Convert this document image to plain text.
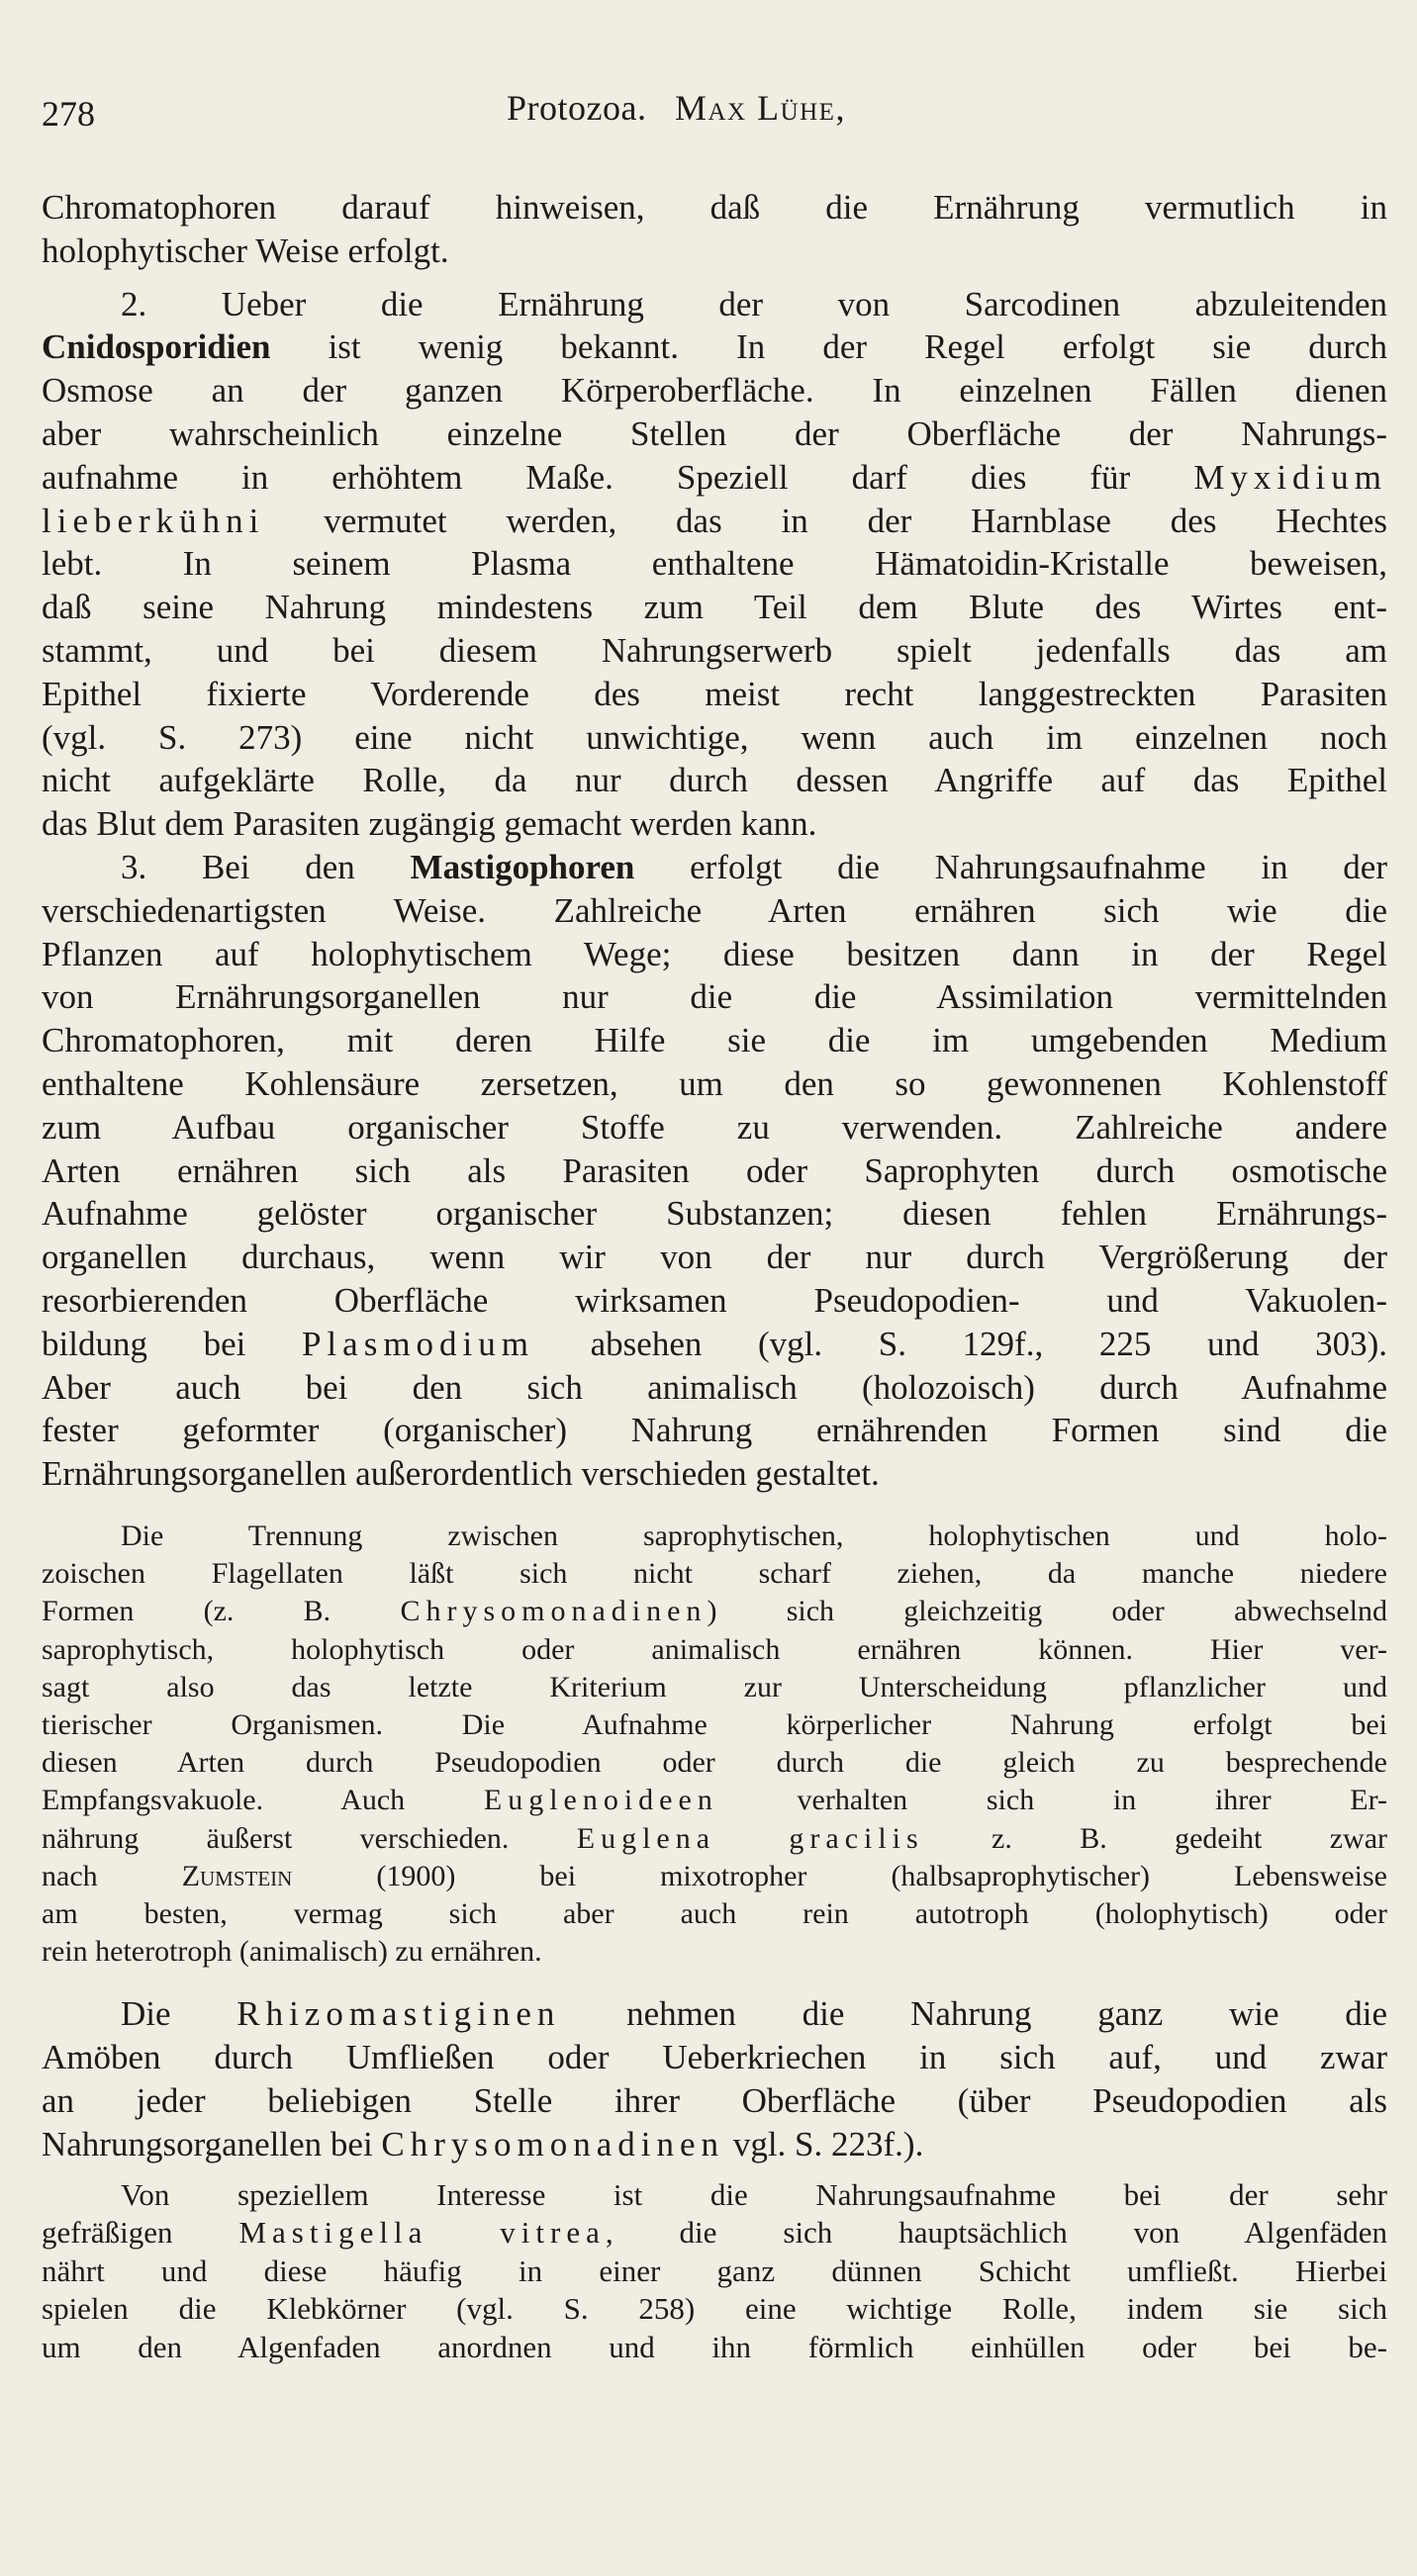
278	Protozoa. Max Lühe,

Chromatophoren darauf hinweisen, daß die Ernährung vermutlich in
holophytischer Weise erfolgt.

2. Ueber die Ernährung der von Sarcodinen abzuleitenden
Cnidosporidien ist wenig bekannt. In der Regel erfolgt sie durch
Osmose an der ganzen Körperoberfläche. In einzelnen Fällen dienen
aber wahrscheinlich einzelne Stellen der Oberfläche der Nahrungs-
aufnahme in erhöhtem Maße. Speziell darf dies für Myxidium
lieberkühni vermutet werden, das in der Harnblase des Hechtes
lebt. In seinem Plasma enthaltene Hämatoidin-Kristalle beweisen,
daß seine Nahrung mindestens zum Teil dem Blute des Wirtes ent-
stammt, und bei diesem Nahrungserwerb spielt jedenfalls das am
Epithel fixierte Vorderende des meist recht langgestreckten Parasiten
(vgl. S. 273) eine nicht unwichtige, wenn auch im einzelnen noch
nicht aufgeklärte Rolle, da nur durch dessen Angriffe auf das Epithel
das Blut dem Parasiten zugängig gemacht werden kann.

3. Bei den Mastigophoren erfolgt die Nahrungsaufnahme in der
verschiedenartigsten Weise. Zahlreiche Arten ernähren sich wie die
Pflanzen auf holophytischem Wege; diese besitzen dann in der Regel
von Ernährungsorganellen nur die die Assimilation vermittelnden
Chromatophoren, mit deren Hilfe sie die im umgebenden Medium
enthaltene Kohlensäure zersetzen, um den so gewonnenen Kohlenstoff
zum Aufbau organischer Stoffe zu verwenden. Zahlreiche andere
Arten ernähren sich als Parasiten oder Saprophyten durch osmotische
Aufnahme gelöster organischer Substanzen; diesen fehlen Ernährungs-
organellen durchaus, wenn wir von der nur durch Vergrößerung der
resorbierenden Oberfläche wirksamen Pseudopodien- und Vakuolen-
bildung bei Plasmodium absehen (vgl. S. 129f., 225 und 303).
Aber auch bei den sich animalisch (holozoisch) durch Aufnahme
fester geformter (organischer) Nahrung ernährenden Formen sind die
Ernährungsorganellen außerordentlich verschieden gestaltet.

Die Trennung zwischen saprophytischen, holophytischen und holo-
zoischen Flagellaten läßt sich nicht scharf ziehen, da manche niedere
Formen (z. B. Chrysomonadinen) sich gleichzeitig oder abwechselnd
saprophytisch, holophytisch oder animalisch ernähren können. Hier ver-
sagt also das letzte Kriterium zur Unterscheidung pflanzlicher und
tierischer Organismen. Die Aufnahme körperlicher Nahrung erfolgt bei
diesen Arten durch Pseudopodien oder durch die gleich zu besprechende
Empfangsvakuole. Auch Euglenoideen verhalten sich in ihrer Er-
nährung äußerst verschieden. Euglena gracilis z. B. gedeiht zwar
nach Zumstein (1900) bei mixotropher (halbsaprophytischer) Lebensweise
am besten, vermag sich aber auch rein autotroph (holophytisch) oder
rein heterotroph (animalisch) zu ernähren.

Die Rhizomastiginen nehmen die Nahrung ganz wie die
Amöben durch Umfließen oder Ueberkriechen in sich auf, und zwar
an jeder beliebigen Stelle ihrer Oberfläche (über Pseudopodien als
Nahrungsorganellen bei Chrysomonadinen vgl. S. 223f.).

Von speziellem Interesse ist die Nahrungsaufnahme bei der sehr
gefräßigen Mastigella vitrea, die sich hauptsächlich von Algenfäden
nährt und diese häufig in einer ganz dünnen Schicht umfließt. Hierbei
spielen die Klebkörner (vgl. S. 258) eine wichtige Rolle, indem sie sich
um den Algenfaden anordnen und ihn förmlich einhüllen oder bei be-
